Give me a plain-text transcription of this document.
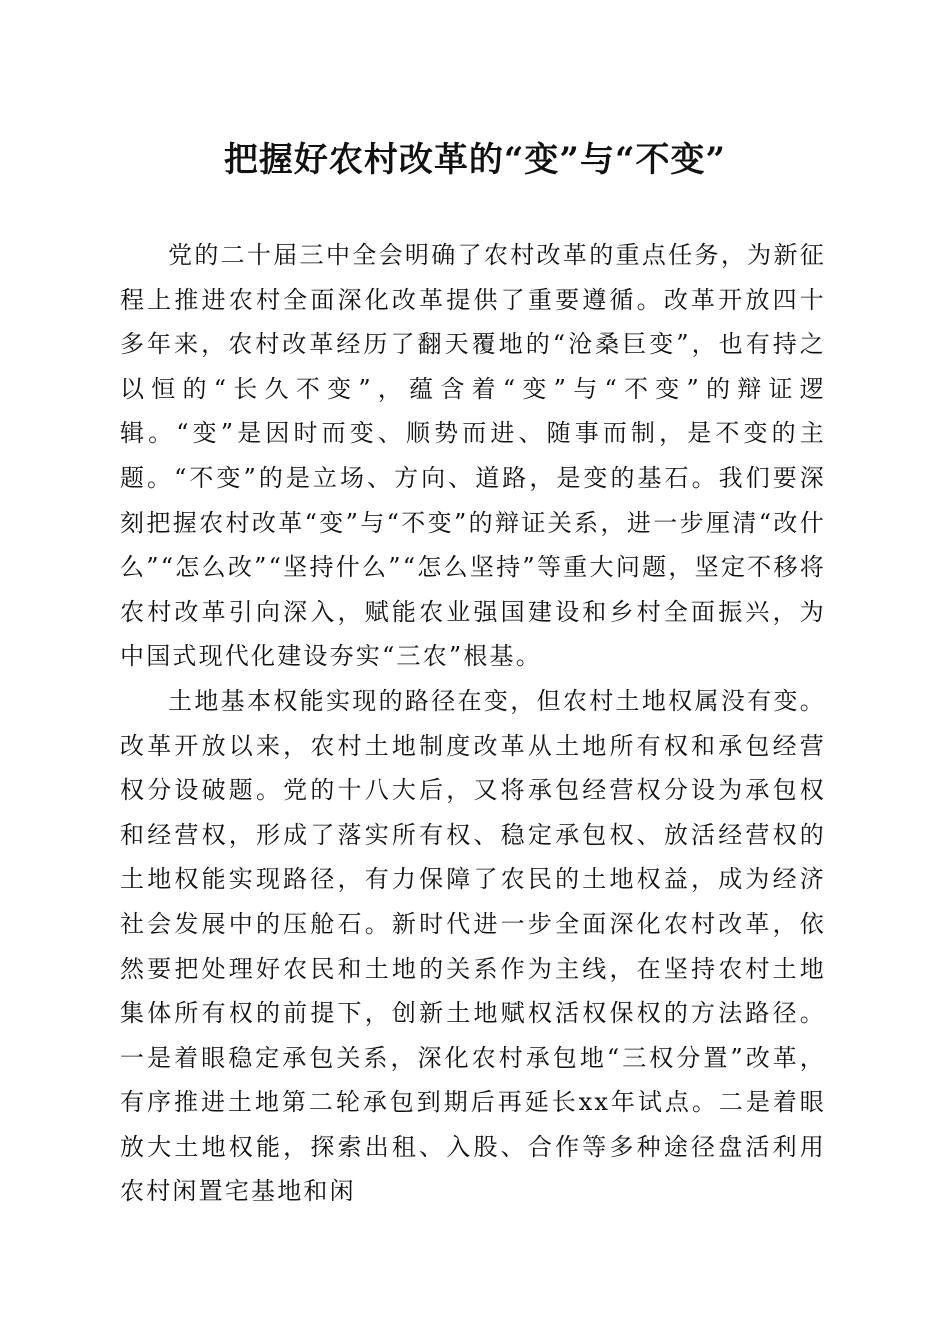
把握好农村改革的“变”与“不变”

党的二十届三中全会明确了农村改革的重点任务，为新征程上推进农村全面深化改革提供了重要遵循。改革开放四十多年来，农村改革经历了翻天覆地的“沧桑巨变”，也有持之以恒的“长久不变”，蕴含着“变”与“不变”的辩证逻辑。“变”是因时而变、顺势而进、随事而制，是不变的主题。“不变”的是立场、方向、道路，是变的基石。我们要深刻把握农村改革“变”与“不变”的辩证关系，进一步厘清“改什么”“怎么改”“坚持什么”“怎么坚持”等重大问题，坚定不移将农村改革引向深入，赋能农业强国建设和乡村全面振兴，为中国式现代化建设夯实“三农”根基。

土地基本权能实现的路径在变，但农村土地权属没有变。改革开放以来，农村土地制度改革从土地所有权和承包经营权分设破题。党的十八大后，又将承包经营权分设为承包权和经营权，形成了落实所有权、稳定承包权、放活经营权的土地权能实现路径，有力保障了农民的土地权益，成为经济社会发展中的压舱石。新时代进一步全面深化农村改革，依然要把处理好农民和土地的关系作为主线，在坚持农村土地集体所有权的前提下，创新土地赋权活权保权的方法路径。一是着眼稳定承包关系，深化农村承包地“三权分置”改革，有序推进土地第二轮承包到期后再延长xx年试点。二是着眼放大土地权能，探索出租、入股、合作等多种途径盘活利用农村闲置宅基地和闲
